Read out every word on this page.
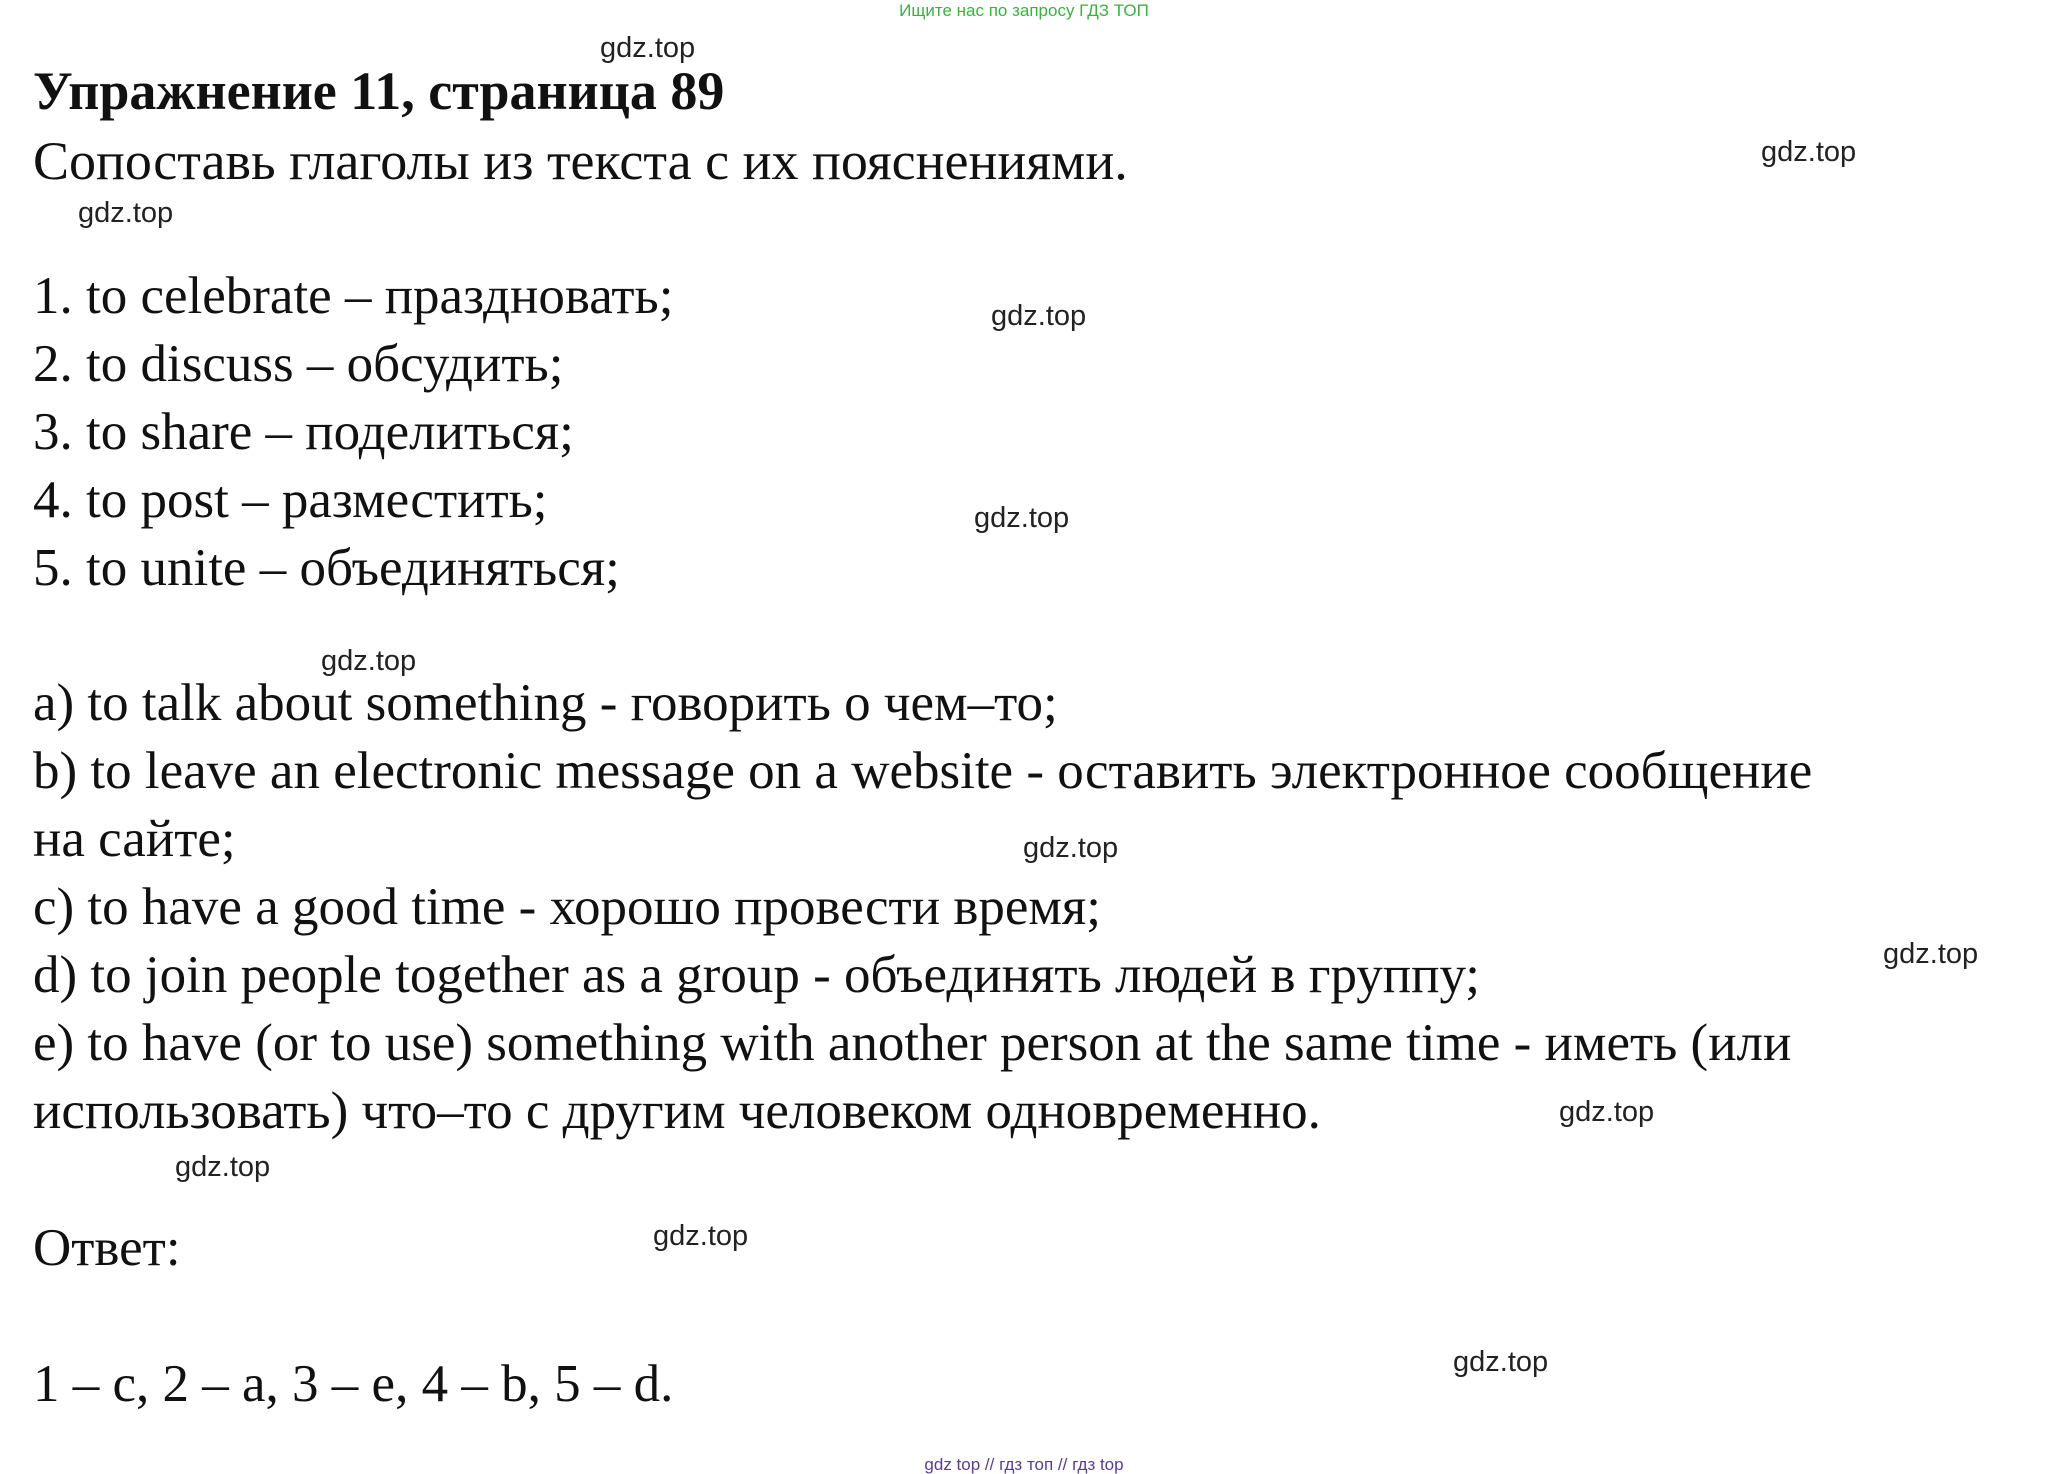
Ищите нас по запросу ГДЗ ТОП
Упражнение 11, страница 89
Сопоставь глаголы из текста с их пояснениями.
1. to celebrate – праздновать;
2. to discuss – обсудить;
3. to share – поделиться;
4. to post – разместить;
5. to unite – объединяться;
a) to talk about something - говорить о чем–то;
b) to leave an electronic message on a website - оставить электронное сообщение
на сайте;
c) to have a good time - хорошо провести время;
d) to join people together as a group - объединять людей в группу;
e) to have (or to use) something with another person at the same time - иметь (или
использовать) что–то с другим человеком одновременно.
Ответ:
1 – c, 2 – a, 3 – e, 4 – b, 5 – d.
gdz.top
gdz.top
gdz.top
gdz.top
gdz.top
gdz.top
gdz.top
gdz.top
gdz.top
gdz.top
gdz.top
gdz.top
gdz top // гдз топ // гдз top
